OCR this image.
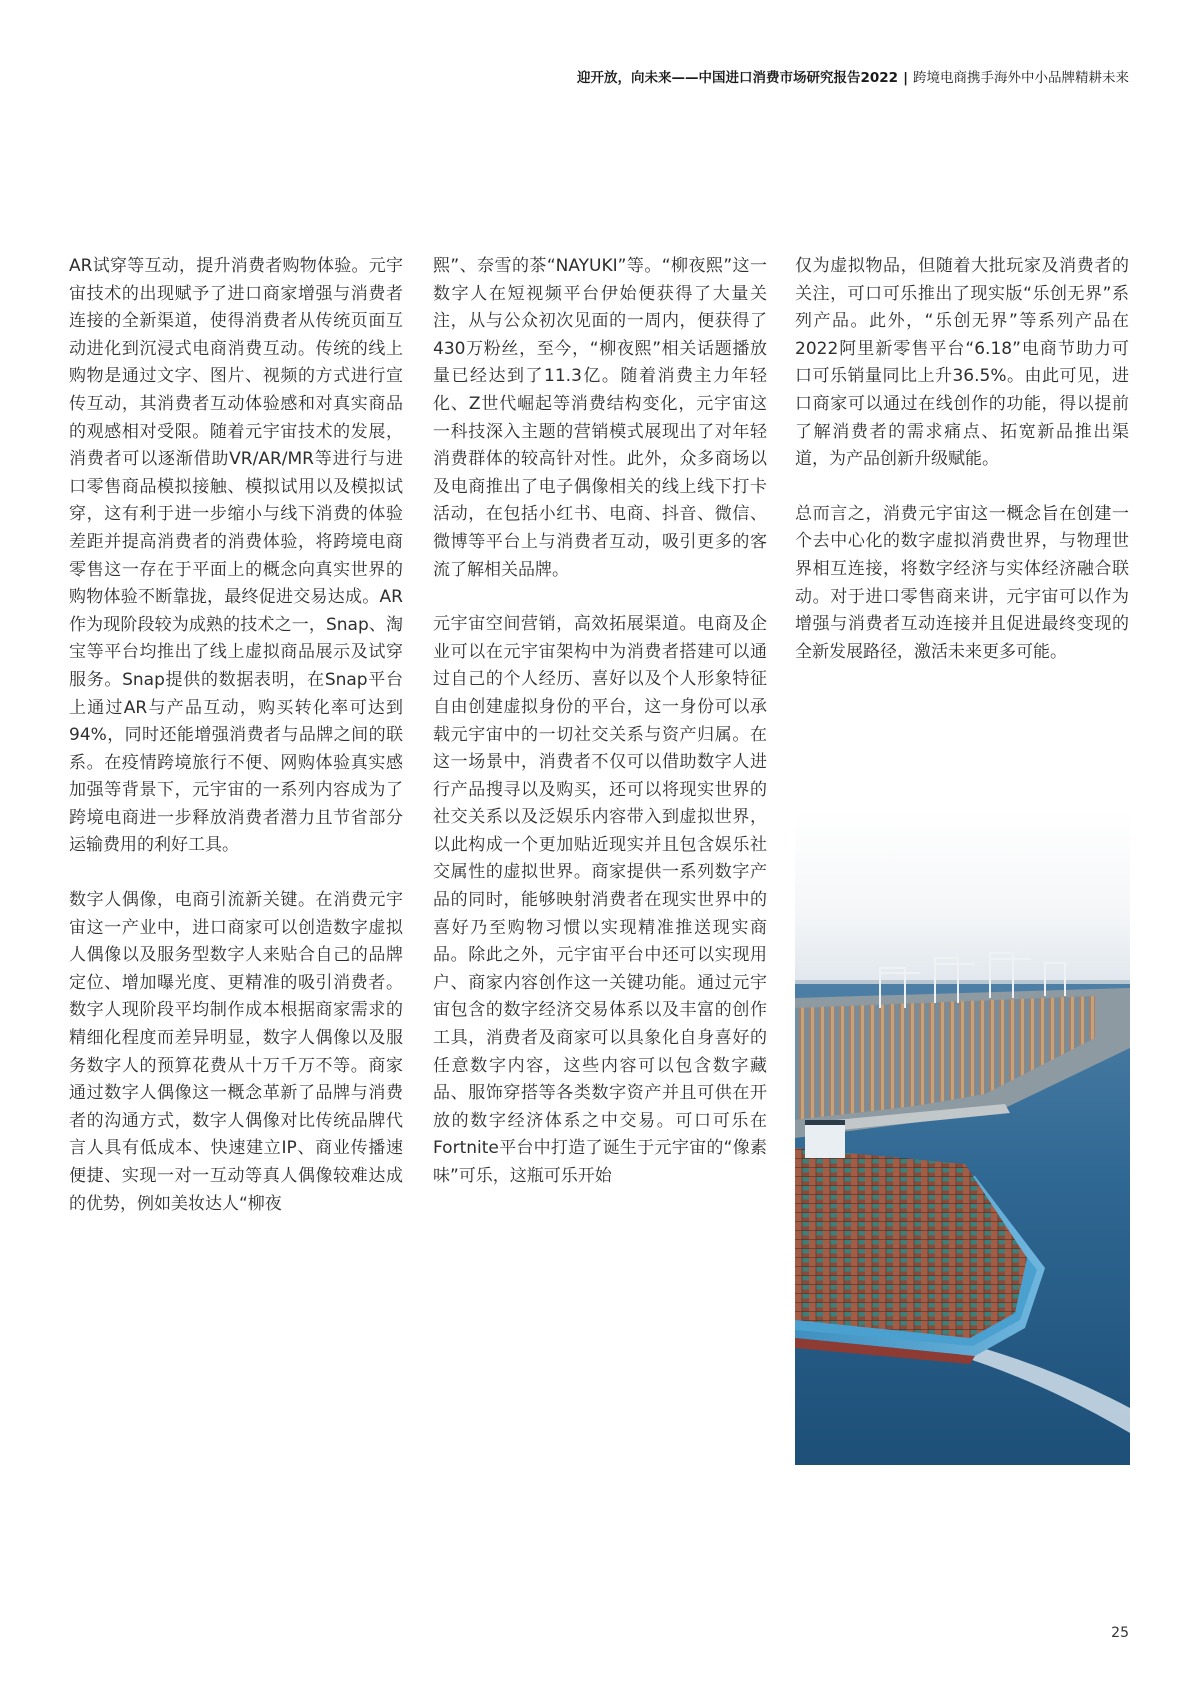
迎开放，向未来——中国进口消费市场研究报告2022 | 跨境电商携手海外中小品牌精耕未来

AR试穿等互动，提升消费者购物体验。元宇宙技术的出现赋予了进口商家增强与消费者连接的全新渠道，使得消费者从传统页面互动进化到沉浸式电商消费互动。传统的线上购物是通过文字、图片、视频的方式进行宣传互动，其消费者互动体验感和对真实商品的观感相对受限。随着元宇宙技术的发展，消费者可以逐渐借助VR/AR/MR等进行与进口零售商品模拟接触、模拟试用以及模拟试穿，这有利于进一步缩小与线下消费的体验差距并提高消费者的消费体验，将跨境电商零售这一存在于平面上的概念向真实世界的购物体验不断靠拢，最终促进交易达成。AR作为现阶段较为成熟的技术之一，Snap、淘宝等平台均推出了线上虚拟商品展示及试穿服务。Snap提供的数据表明，在Snap平台上通过AR与产品互动，购买转化率可达到94%，同时还能增强消费者与品牌之间的联系。在疫情跨境旅行不便、网购体验真实感加强等背景下，元宇宙的一系列内容成为了跨境电商进一步释放消费者潜力且节省部分运输费用的利好工具。

数字人偶像，电商引流新关键。在消费元宇宙这一产业中，进口商家可以创造数字虚拟人偶像以及服务型数字人来贴合自己的品牌定位、增加曝光度、更精准的吸引消费者。数字人现阶段平均制作成本根据商家需求的精细化程度而差异明显，数字人偶像以及服务数字人的预算花费从十万千万不等。商家通过数字人偶像这一概念革新了品牌与消费者的沟通方式，数字人偶像对比传统品牌代言人具有低成本、快速建立IP、商业传播速便捷、实现一对一互动等真人偶像较难达成的优势，例如美妆达人“柳夜

熙”、奈雪的茶“NAYUKI”等。“柳夜熙”这一数字人在短视频平台伊始便获得了大量关注，从与公众初次见面的一周内，便获得了430万粉丝，至今，“柳夜熙”相关话题播放量已经达到了11.3亿。随着消费主力年轻化、Z世代崛起等消费结构变化，元宇宙这一科技深入主题的营销模式展现出了对年轻消费群体的较高针对性。此外，众多商场以及电商推出了电子偶像相关的线上线下打卡活动，在包括小红书、电商、抖音、微信、微博等平台上与消费者互动，吸引更多的客流了解相关品牌。

元宇宙空间营销，高效拓展渠道。电商及企业可以在元宇宙架构中为消费者搭建可以通过自己的个人经历、喜好以及个人形象特征自由创建虚拟身份的平台，这一身份可以承载元宇宙中的一切社交关系与资产归属。在这一场景中，消费者不仅可以借助数字人进行产品搜寻以及购买，还可以将现实世界的社交关系以及泛娱乐内容带入到虚拟世界，以此构成一个更加贴近现实并且包含娱乐社交属性的虚拟世界。商家提供一系列数字产品的同时，能够映射消费者在现实世界中的喜好乃至购物习惯以实现精准推送现实商品。除此之外，元宇宙平台中还可以实现用户、商家内容创作这一关键功能。通过元宇宙包含的数字经济交易体系以及丰富的创作工具，消费者及商家可以具象化自身喜好的任意数字内容，这些内容可以包含数字藏品、服饰穿搭等各类数字资产并且可供在开放的数字经济体系之中交易。可口可乐在Fortnite平台中打造了诞生于元宇宙的“像素味”可乐，这瓶可乐开始

仅为虚拟物品，但随着大批玩家及消费者的关注，可口可乐推出了现实版“乐创无界”系列产品。此外，“乐创无界”等系列产品在2022阿里新零售平台“6.18”电商节助力可口可乐销量同比上升36.5%。由此可见，进口商家可以通过在线创作的功能，得以提前了解消费者的需求痛点、拓宽新品推出渠道，为产品创新升级赋能。

总而言之，消费元宇宙这一概念旨在创建一个去中心化的数字虚拟消费世界，与物理世界相互连接，将数字经济与实体经济融合联动。对于进口零售商来讲，元宇宙可以作为增强与消费者互动连接并且促进最终变现的全新发展路径，激活未来更多可能。

25
